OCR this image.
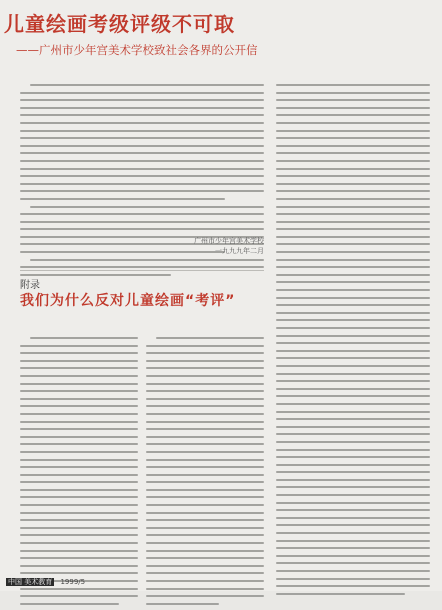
儿童绘画考级评级不可取
——广州市少年宫美术学校致社会各界的公开信
广州市少年宫美术学校
一九九九年二月
附录
我们为什么反对儿童绘画“考评”
中国 美术教育 1999/5
